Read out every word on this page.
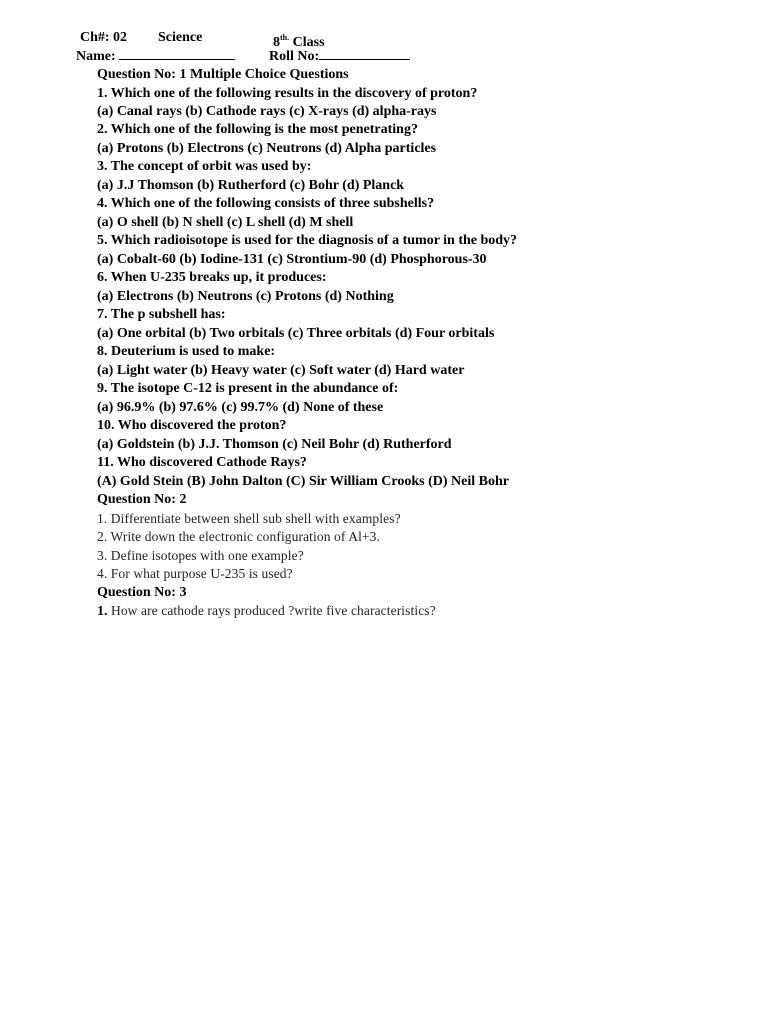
Ch#: 02 Science	$8^{th.}$ Class
Name:	Roll No:
Question No: 1 Multiple Choice Questions
1. Which one of the following results in the discovery of proton?
(a) Canal rays (b) Cathode rays (c) X-rays (d) alpha-rays
2. Which one of the following is the most penetrating?
(a) Protons (b) Electrons (c) Neutrons (d) Alpha particles
3. The concept of orbit was used by:
(a) J.J Thomson (b) Rutherford (c) Bohr (d) Planck
4. Which one of the following consists of three subshells?
(a) O shell (b) N shell (c) L shell (d) M shell
5. Which radioisotope is used for the diagnosis of a tumor in the body?
(a) Cobalt-60 (b) Iodine-131 (c) Strontium-90 (d) Phosphorous-30
6. When U-235 breaks up, it produces:
(a) Electrons (b) Neutrons (c) Protons (d) Nothing
7. The p subshell has:
(a) One orbital (b) Two orbitals (c) Three orbitals (d) Four orbitals
8. Deuterium is used to make:
(a) Light water (b) Heavy water (c) Soft water (d) Hard water
9. The isotope C-12 is present in the abundance of:
(a) 96.9% (b) 97.6% (c) 99.7% (d) None of these
10. Who discovered the proton?
(a) Goldstein (b) J.J. Thomson (c) Neil Bohr (d) Rutherford
11. Who discovered Cathode Rays?
(A) Gold Stein (B) John Dalton (C) Sir William Crooks (D) Neil Bohr
Question No: 2
1. Differentiate between shell sub shell with examples?
2. Write down the electronic configuration of Al+3.
3. Define isotopes with one example?
4. For what purpose U-235 is used?
Question No: 3
1. How are cathode rays produced ?write five characteristics?
